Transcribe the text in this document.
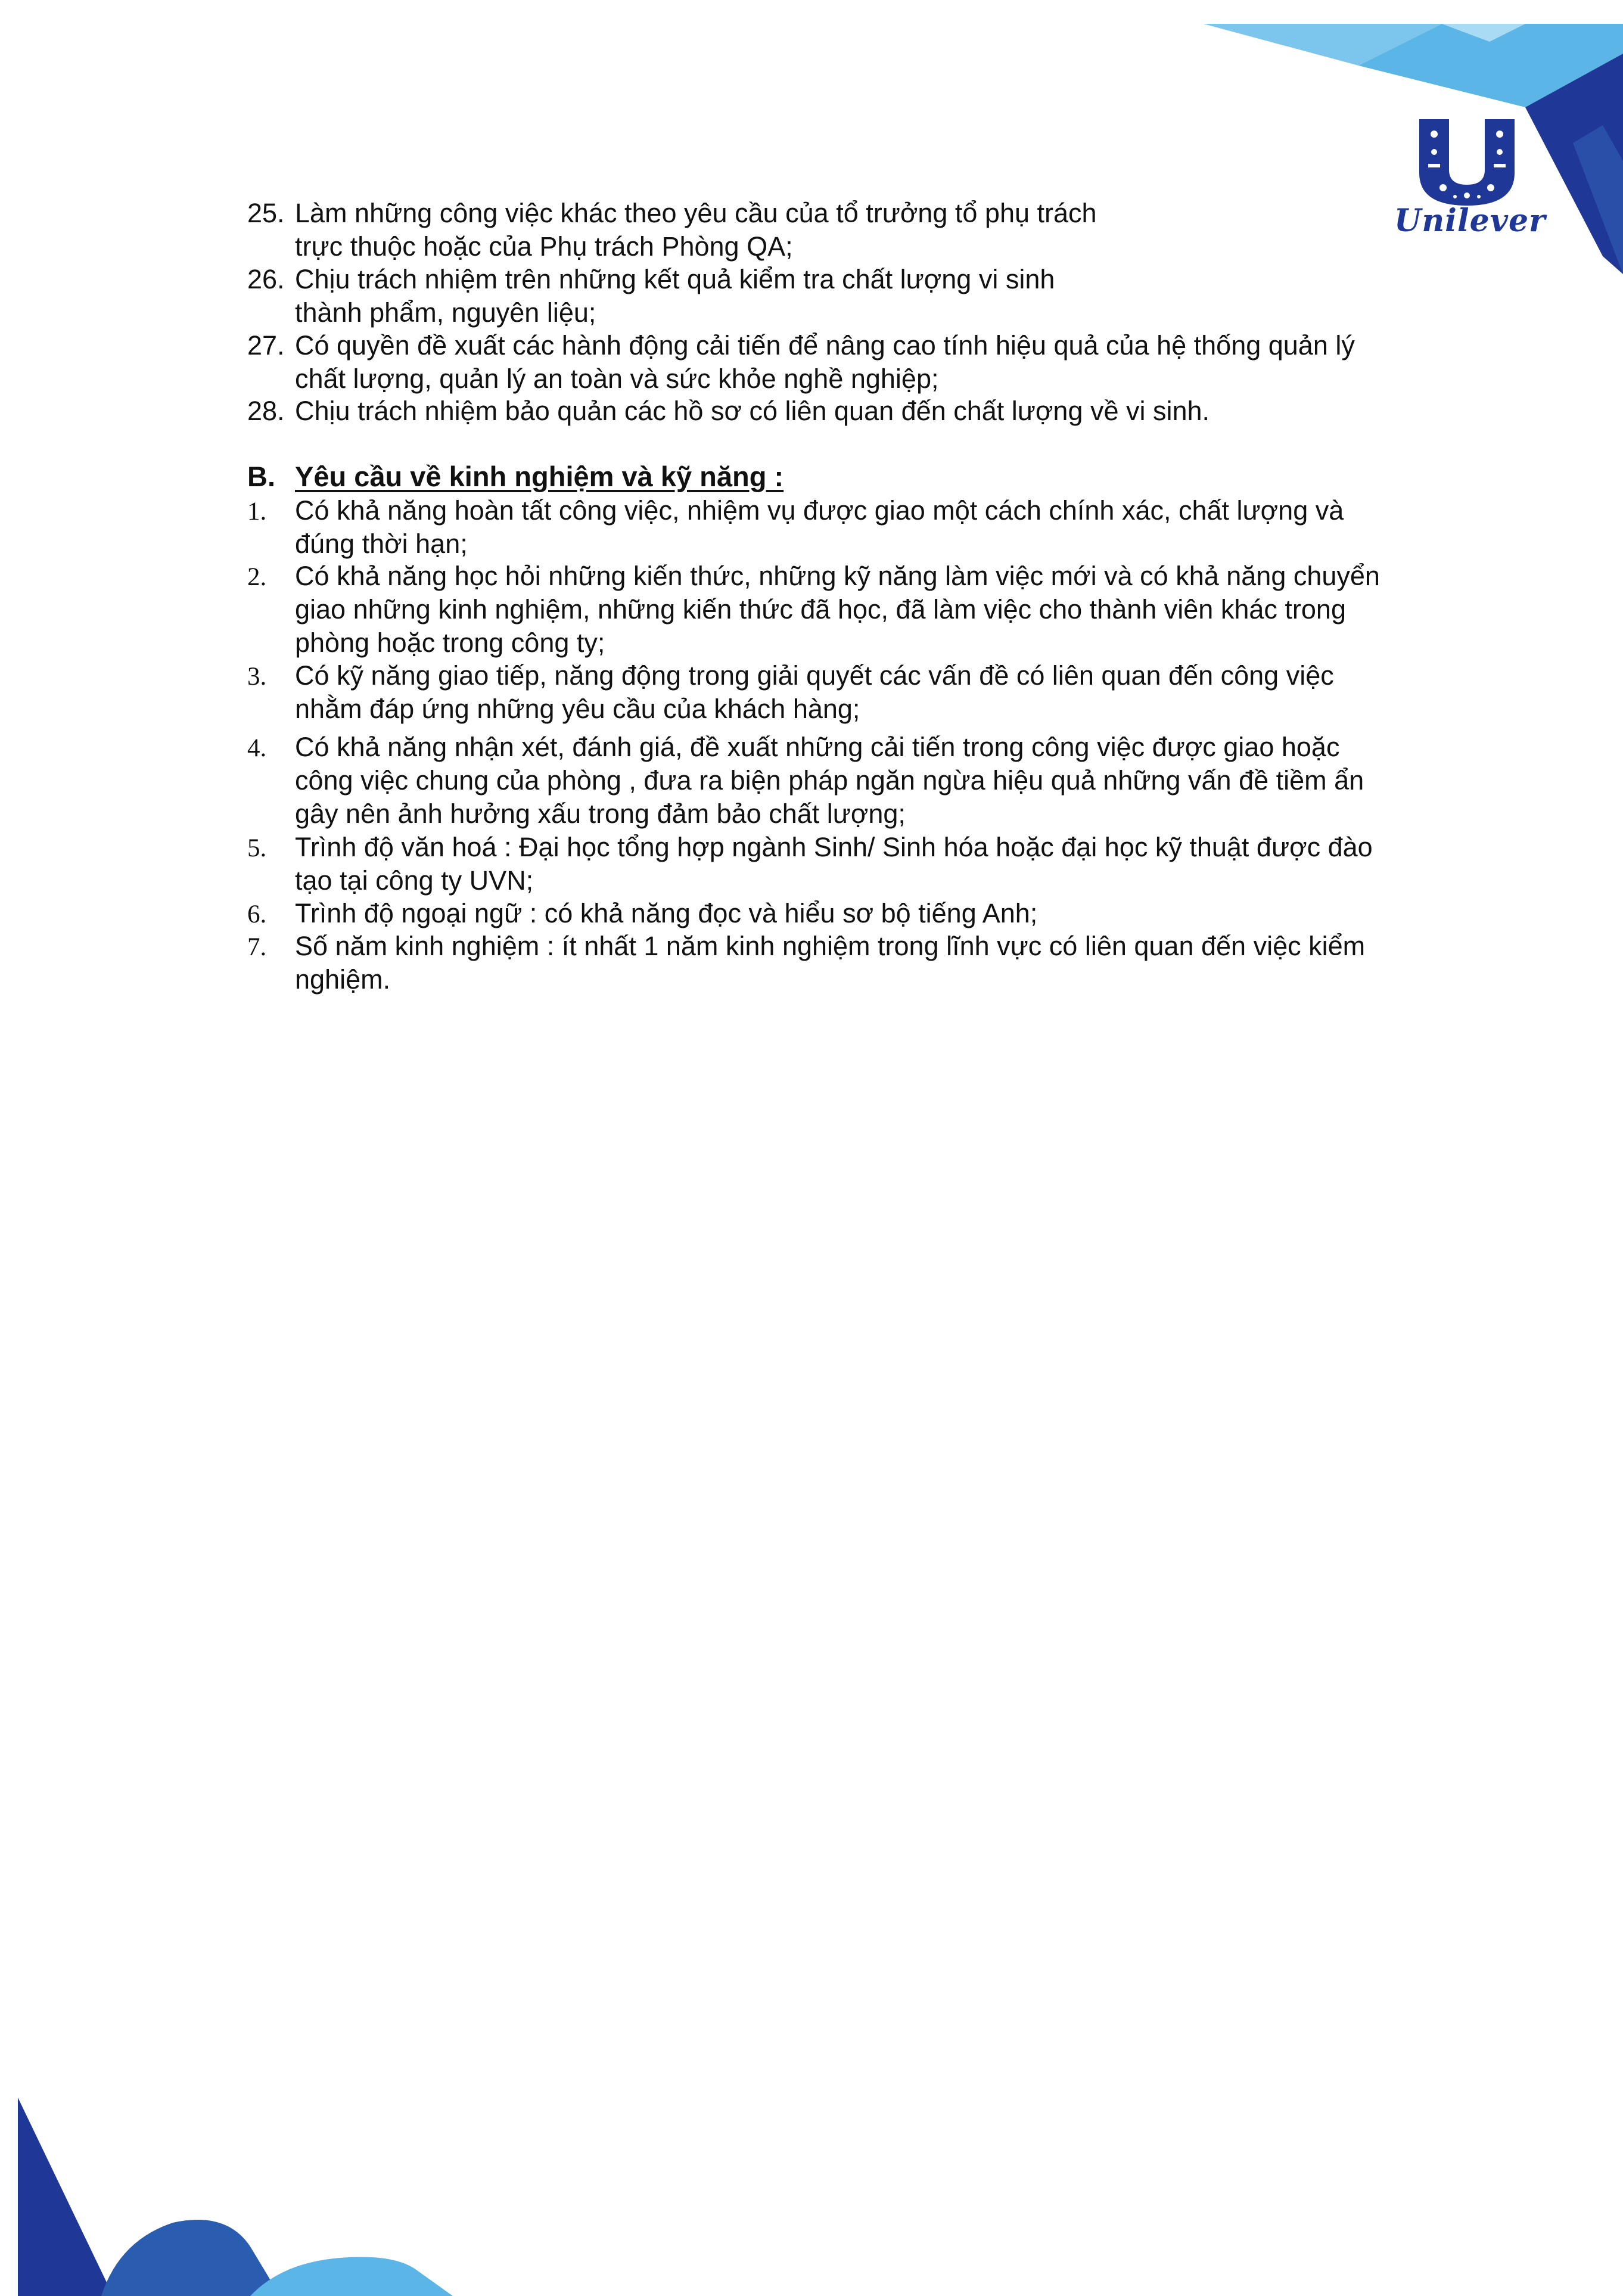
Unilever
25. Làm những công việc khác theo yêu cầu của tổ trưởng tổ phụ trách
trực thuộc hoặc của Phụ trách Phòng QA;
26. Chịu trách nhiệm trên những kết quả kiểm tra chất lượng vi sinh
thành phẩm, nguyên liệu;
27. Có quyền đề xuất các hành động cải tiến để nâng cao tính hiệu quả của hệ thống quản lý
chất lượng, quản lý an toàn và sức khỏe nghề nghiệp;
28. Chịu trách nhiệm bảo quản các hồ sơ có liên quan đến chất lượng về vi sinh.
B. Yêu cầu về kinh nghiệm và kỹ năng :
1. Có khả năng hoàn tất công việc, nhiệm vụ được giao một cách chính xác, chất lượng và
đúng thời hạn;
2. Có khả năng học hỏi những kiến thức, những kỹ năng làm việc mới và có khả năng chuyển
giao những kinh nghiệm, những kiến thức đã học, đã làm việc cho thành viên khác trong
phòng hoặc trong công ty;
3. Có kỹ năng giao tiếp, năng động trong giải quyết các vấn đề có liên quan đến công việc
nhằm đáp ứng những yêu cầu của khách hàng;
4. Có khả năng nhận xét, đánh giá, đề xuất những cải tiến trong công việc được giao hoặc
công việc chung của phòng , đưa ra biện pháp ngăn ngừa hiệu quả những vấn đề tiềm ẩn
gây nên ảnh hưởng xấu trong đảm bảo chất lượng;
5. Trình độ văn hoá : Đại học tổng hợp ngành Sinh/ Sinh hóa hoặc đại học kỹ thuật được đào
tạo tại công ty UVN;
6. Trình độ ngoại ngữ : có khả năng đọc và hiểu sơ bộ tiếng Anh;
7. Số năm kinh nghiệm : ít nhất 1 năm kinh nghiệm trong lĩnh vực có liên quan đến việc kiểm
nghiệm.
